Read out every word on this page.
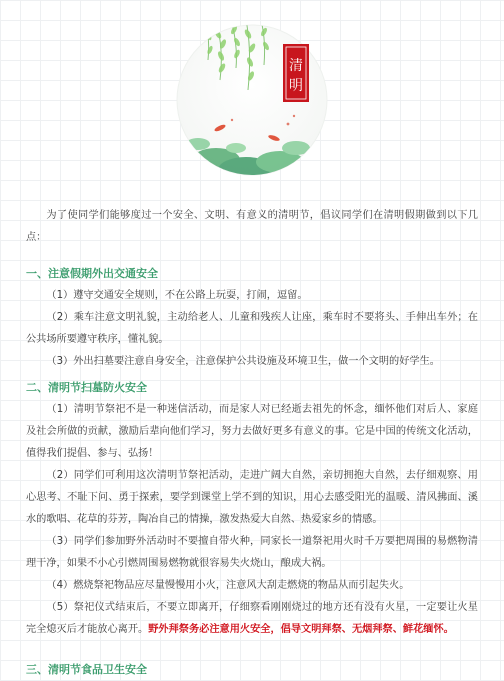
清
明

为了使同学们能够度过一个安全、文明、有意义的清明节，倡议同学们在清明假期做到以下几点：

一、注意假期外出交通安全

（1）遵守交通安全规则，不在公路上玩耍，打闹，逗留。

（2）乘车注意文明礼貌，主动给老人、儿童和残疾人让座，乘车时不要将头、手伸出车外；在公共场所要遵守秩序，懂礼貌。

（3）外出扫墓要注意自身安全，注意保护公共设施及环境卫生，做一个文明的好学生。

二、清明节扫墓防火安全

（1）清明节祭祀不是一种迷信活动，而是家人对已经逝去祖先的怀念，缅怀他们对后人、家庭及社会所做的贡献，激励后辈向他们学习，努力去做好更多有意义的事。它是中国的传统文化活动，值得我们提倡、参与、弘扬！

（2）同学们可利用这次清明节祭祀活动，走进广阔大自然，亲切拥抱大自然，去仔细观察、用心思考、不耻下问、勇于探索，要学到课堂上学不到的知识，用心去感受阳光的温暖、清风拂面、溪水的歌唱、花草的芬芳，陶冶自己的情操，激发热爱大自然、热爱家乡的情感。

（3）同学们参加野外活动时不要擅自带火种，同家长一道祭祀用火时千万要把周围的易燃物清理干净，如果不小心引燃周围易燃物就很容易失火烧山，酿成大祸。

（4）燃烧祭祀物品应尽量慢慢用小火，注意风大刮走燃烧的物品从而引起失火。

（5）祭祀仪式结束后，不要立即离开，仔细察看刚刚烧过的地方还有没有火星，一定要让火星完全熄灭后才能放心离开。野外拜祭务必注意用火安全，倡导文明拜祭、无烟拜祭、鲜花缅怀。

三、清明节食品卫生安全
